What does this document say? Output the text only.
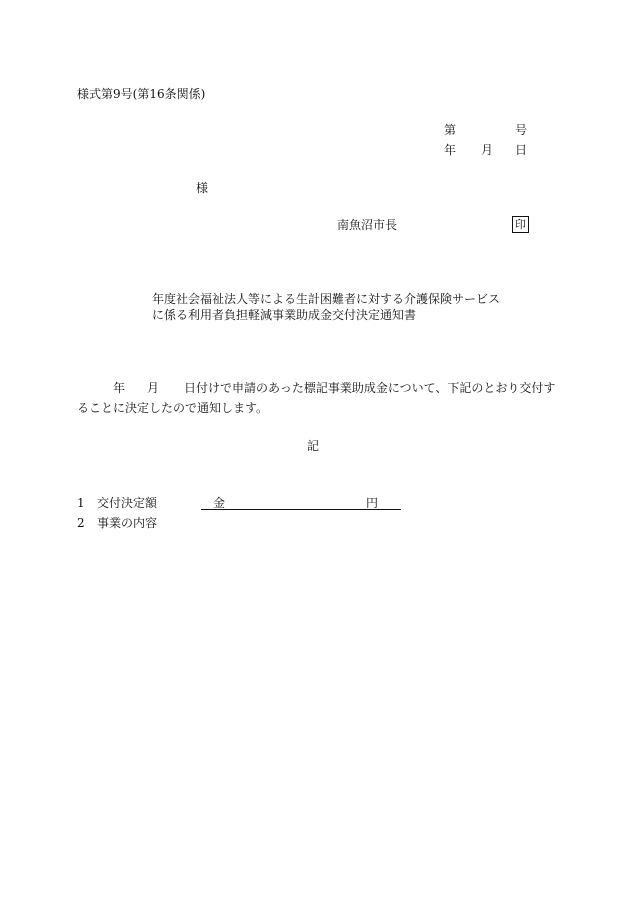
様式第9号(第16条関係)
第	号
年 月 日
様
南魚沼市長	印
年度社会福祉法人等による生計困難者に対する介護保険サービス
に係る利用者負担軽減事業助成金交付決定通知書
年 月 日付けで申請のあった標記事業助成金について、下記のとおり交付す
ることに決定したので通知します。
記
1 交付決定額	金	円
2 事業の内容
